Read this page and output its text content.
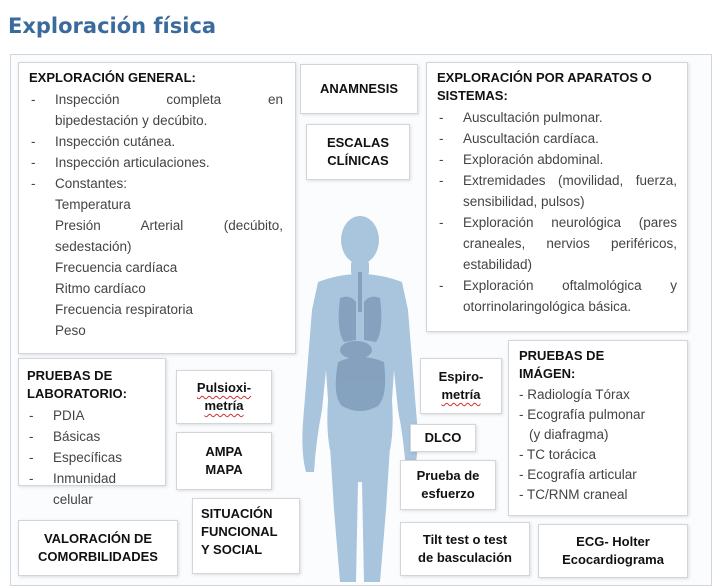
Exploración física
EXPLORACIÓN GENERAL:
- Inspección completa en bipedestación y decúbito.
- Inspección cutánea.
- Inspección articulaciones.
- Constantes:
Temperatura
Presión Arterial (decúbito, sedestación)
Frecuencia cardíaca
Ritmo cardíaco
Frecuencia respiratoria
Peso
ANAMNESIS
ESCALAS
CLÍNICAS
EXPLORACIÓN POR APARATOS O SISTEMAS:
- Auscultación pulmonar.
- Auscultación cardíaca.
- Exploración abdominal.
- Extremidades (movilidad, fuerza, sensibilidad, pulsos)
- Exploración neurológica (pares craneales, nervios periféricos, estabilidad)
- Exploración oftalmológica y otorrinolaringológica básica.
PRUEBAS DE
LABORATORIO:
- PDIA
- Básicas
- Específicas
- Inmunidad celular
Pulsioxi-
metría
AMPA
MAPA
SITUACIÓN
FUNCIONAL
Y SOCIAL
VALORACIÓN DE
COMORBILIDADES
Espiro-
metría
DLCO
Prueba de
esfuerzo
PRUEBAS DE
IMÁGEN:
- Radiología Tórax
- Ecografía pulmonar
(y diafragma)
- TC torácica
- Ecografía articular
- TC/RNM craneal
Tilt test o test
de basculación
ECG- Holter
Ecocardiograma
